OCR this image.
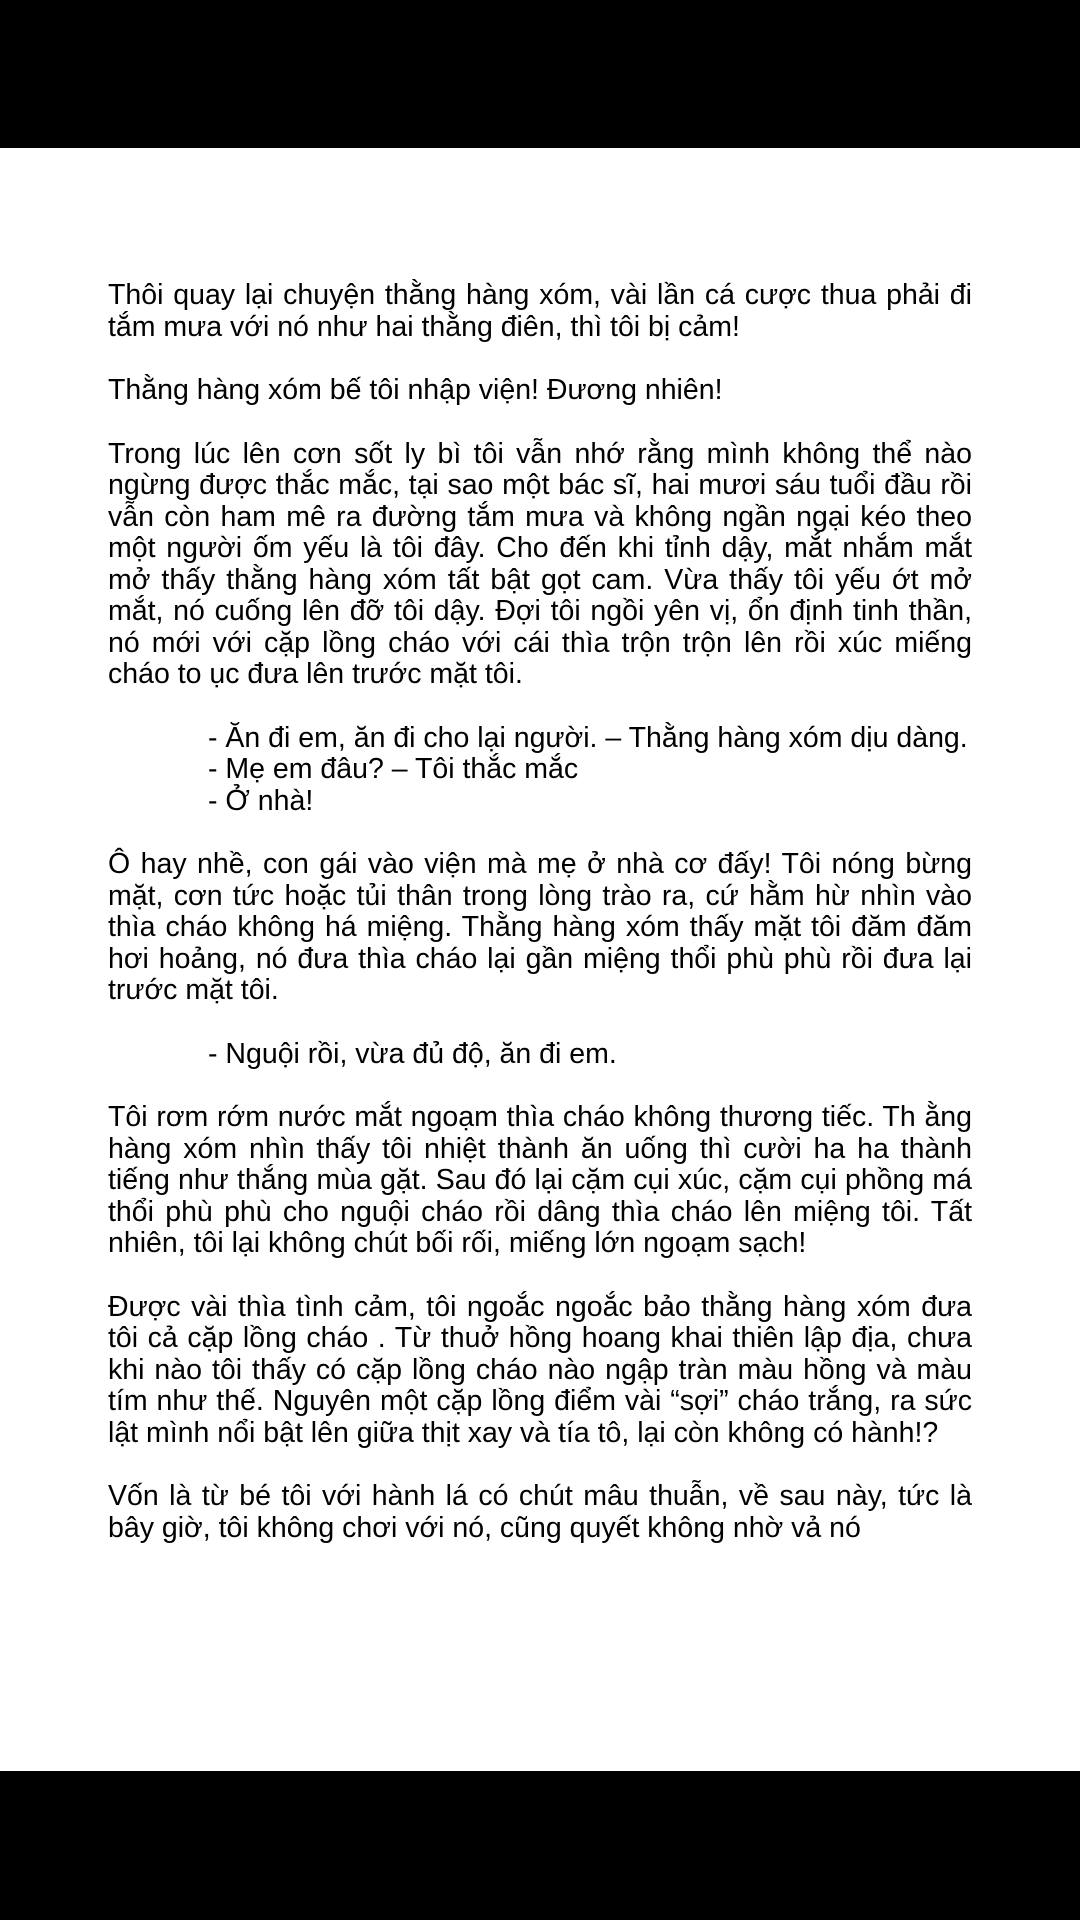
Thôi quay lại chuyện thằng hàng xóm, vài lần cá cược thua phải đi tắm mưa với nó như hai thằng điên, thì tôi bị cảm!

Thằng hàng xóm bế tôi nhập viện! Đương nhiên!

Trong lúc lên cơn sốt ly bì tôi vẫn nhớ rằng mình không thể nào ngừng được thắc mắc, tại sao một bác sĩ, hai mươi sáu tuổi đầu rồi vẫn còn ham mê ra đường tắm mưa và không ngần ngại kéo theo một người ốm yếu là tôi đây. Cho đến khi tỉnh dậy, mắt nhắm mắt mở thấy thằng hàng xóm tất bật gọt cam. Vừa thấy tôi yếu ớt mở mắt, nó cuống lên đỡ tôi dậy. Đợi tôi ngồi yên vị, ổn định tinh thần, nó mới với cặp lồng cháo với cái thìa trộn trộn lên rồi xúc miếng cháo to ục đưa lên trước mặt tôi.

- Ăn đi em, ăn đi cho lại người. – Thằng hàng xóm dịu dàng.
- Mẹ em đâu? – Tôi thắc mắc
- Ở nhà!

Ô hay nhề, con gái vào viện mà mẹ ở nhà cơ đấy! Tôi nóng bừng mặt, cơn tức hoặc tủi thân trong lòng trào ra, cứ hằm hừ nhìn vào thìa cháo không há miệng. Thằng hàng xóm thấy mặt tôi đăm đăm hơi hoảng, nó đưa thìa cháo lại gần miệng thổi phù phù rồi đưa lại trước mặt tôi.

- Nguội rồi, vừa đủ độ, ăn đi em.

Tôi rơm rớm nước mắt ngoạm thìa cháo không thương tiếc. Th ằng hàng xóm nhìn thấy tôi nhiệt thành ăn uống thì cười ha ha thành tiếng như thắng mùa gặt. Sau đó lại cặm cụi xúc, cặm cụi phồng má thổi phù phù cho nguội cháo rồi dâng thìa cháo lên miệng tôi. Tất nhiên, tôi lại không chút bối rối, miếng lớn ngoạm sạch!

Được vài thìa tình cảm, tôi ngoắc ngoắc bảo thằng hàng xóm đưa tôi cả cặp lồng cháo . Từ thuở hồng hoang khai thiên lập địa, chưa khi nào tôi thấy có cặp lồng cháo nào ngập tràn màu hồng và màu tím như thế. Nguyên một cặp lồng điểm vài “sợi” cháo trắng, ra sức lật mình nổi bật lên giữa thịt xay và tía tô, lại còn không có hành!?

Vốn là từ bé tôi với hành lá có chút mâu thuẫn, về sau này, tức là bây giờ, tôi không chơi với nó, cũng quyết không nhờ vả nó
